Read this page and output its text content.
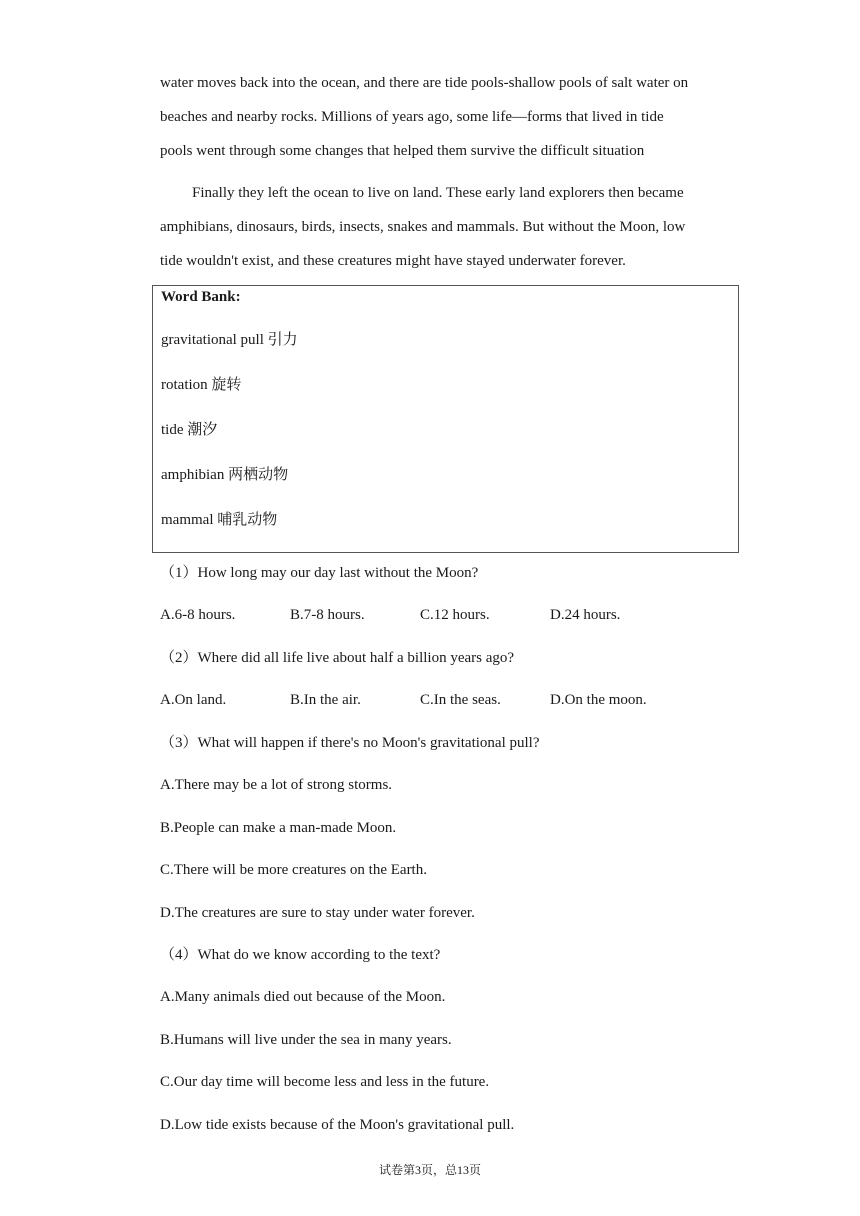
water moves back into the ocean, and there are tide pools-shallow pools of salt water on
beaches and nearby rocks. Millions of years ago, some life—forms that lived in tide
pools went through some changes that helped them survive the difficult situation
Finally they left the ocean to live on land. These early land explorers then became
amphibians, dinosaurs, birds, insects, snakes and mammals. But without the Moon, low
tide wouldn't exist, and these creatures might have stayed underwater forever.
Word Bank:
gravitational pull 引力
rotation 旋转
tide 潮汐
amphibian 两栖动物
mammal 哺乳动物
（1）How long may our day last without the Moon?
A.6-8 hours.	B.7-8 hours.	C.12 hours.	D.24 hours.
（2）Where did all life live about half a billion years ago?
A.On land.	B.In the air.	C.In the seas.	D.On the moon.
（3）What will happen if there's no Moon's gravitational pull?
A.There may be a lot of strong storms.
B.People can make a man-made Moon.
C.There will be more creatures on the Earth.
D.The creatures are sure to stay under water forever.
（4）What do we know according to the text?
A.Many animals died out because of the Moon.
B.Humans will live under the sea in many years.
C.Our day time will become less and less in the future.
D.Low tide exists because of the Moon's gravitational pull.
试卷第3页，总13页
